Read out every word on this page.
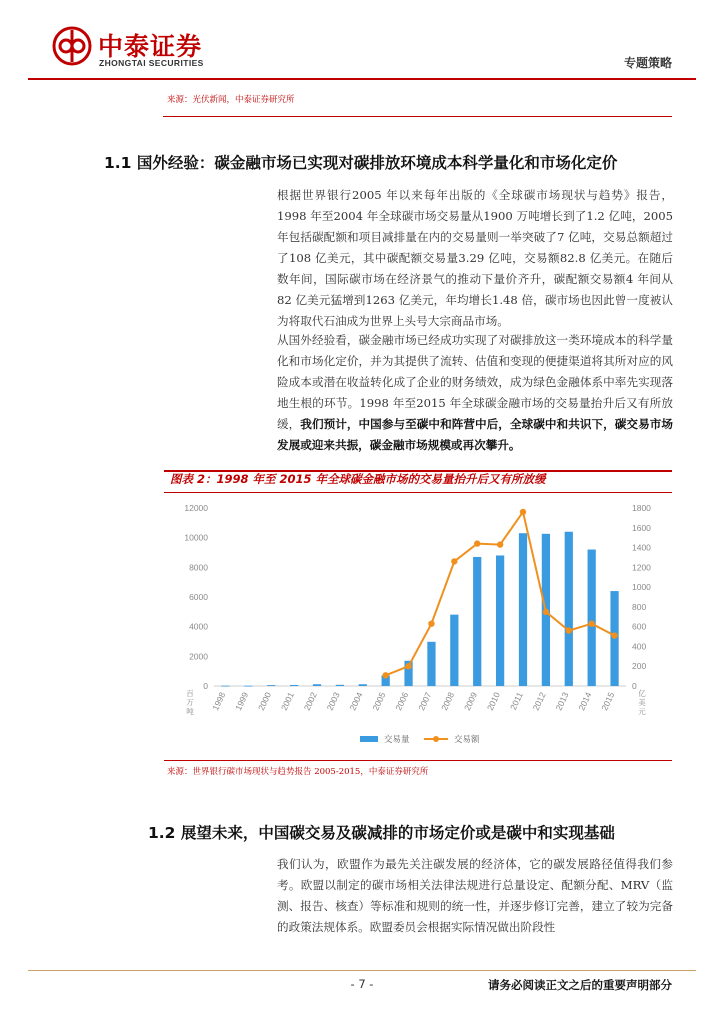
中泰证券
ZHONGTAI SECURITIES	专题策略
来源：光伏新闻，中泰证券研究所
1.1 国外经验：碳金融市场已实现对碳排放环境成本科学量化和市场化定价
根据世界银行2005 年以来每年出版的《全球碳市场现状与趋势》报告，1998 年至2004 年全球碳市场交易量从1900 万吨增长到了1.2 亿吨，2005 年包括碳配额和项目减排量在内的交易量则一举突破了7 亿吨，交易总额超过了108 亿美元，其中碳配额交易量3.29 亿吨，交易额82.8 亿美元。在随后数年间，国际碳市场在经济景气的推动下量价齐升，碳配额交易额4 年间从82 亿美元猛增到1263 亿美元，年均增长1.48 倍，碳市场也因此曾一度被认为将取代石油成为世界上头号大宗商品市场。
从国外经验看，碳金融市场已经成功实现了对碳排放这一类环境成本的科学量化和市场化定价，并为其提供了流转、估值和变现的便捷渠道将其所对应的风险成本或潜在收益转化成了企业的财务绩效，成为绿色金融体系中率先实现落地生根的环节。1998 年至2015 年全球碳金融市场的交易量抬升后又有所放缓，我们预计，中国参与至碳中和阵营中后，全球碳中和共识下，碳交易市场发展或迎来共振，碳金融市场规模或再次攀升。
图表 2：1998 年至 2015 年全球碳金融市场的交易量抬升后又有所放缓
0
2000
4000
6000
8000
10000
12000
0
200
400
600
800
1000
1200
1400
1600
1800
1998 1999 2000 2001 2002 2003 2004 2005 2006 2007 2008 2009 2010 2011 2012 2013 2014 2015
百
万
吨
亿
美
元
交易量	交易额
来源：世界银行碳市场现状与趋势报告 2005-2015，中泰证券研究所
1.2 展望未来，中国碳交易及碳减排的市场定价或是碳中和实现基础
我们认为，欧盟作为最先关注碳发展的经济体，它的碳发展路径值得我们参考。欧盟以制定的碳市场相关法律法规进行总量设定、配额分配、MRV（监测、报告、核查）等标准和规则的统一性，并逐步修订完善，建立了较为完备的政策法规体系。欧盟委员会根据实际情况做出阶段性
- 7 -	请务必阅读正文之后的重要声明部分
